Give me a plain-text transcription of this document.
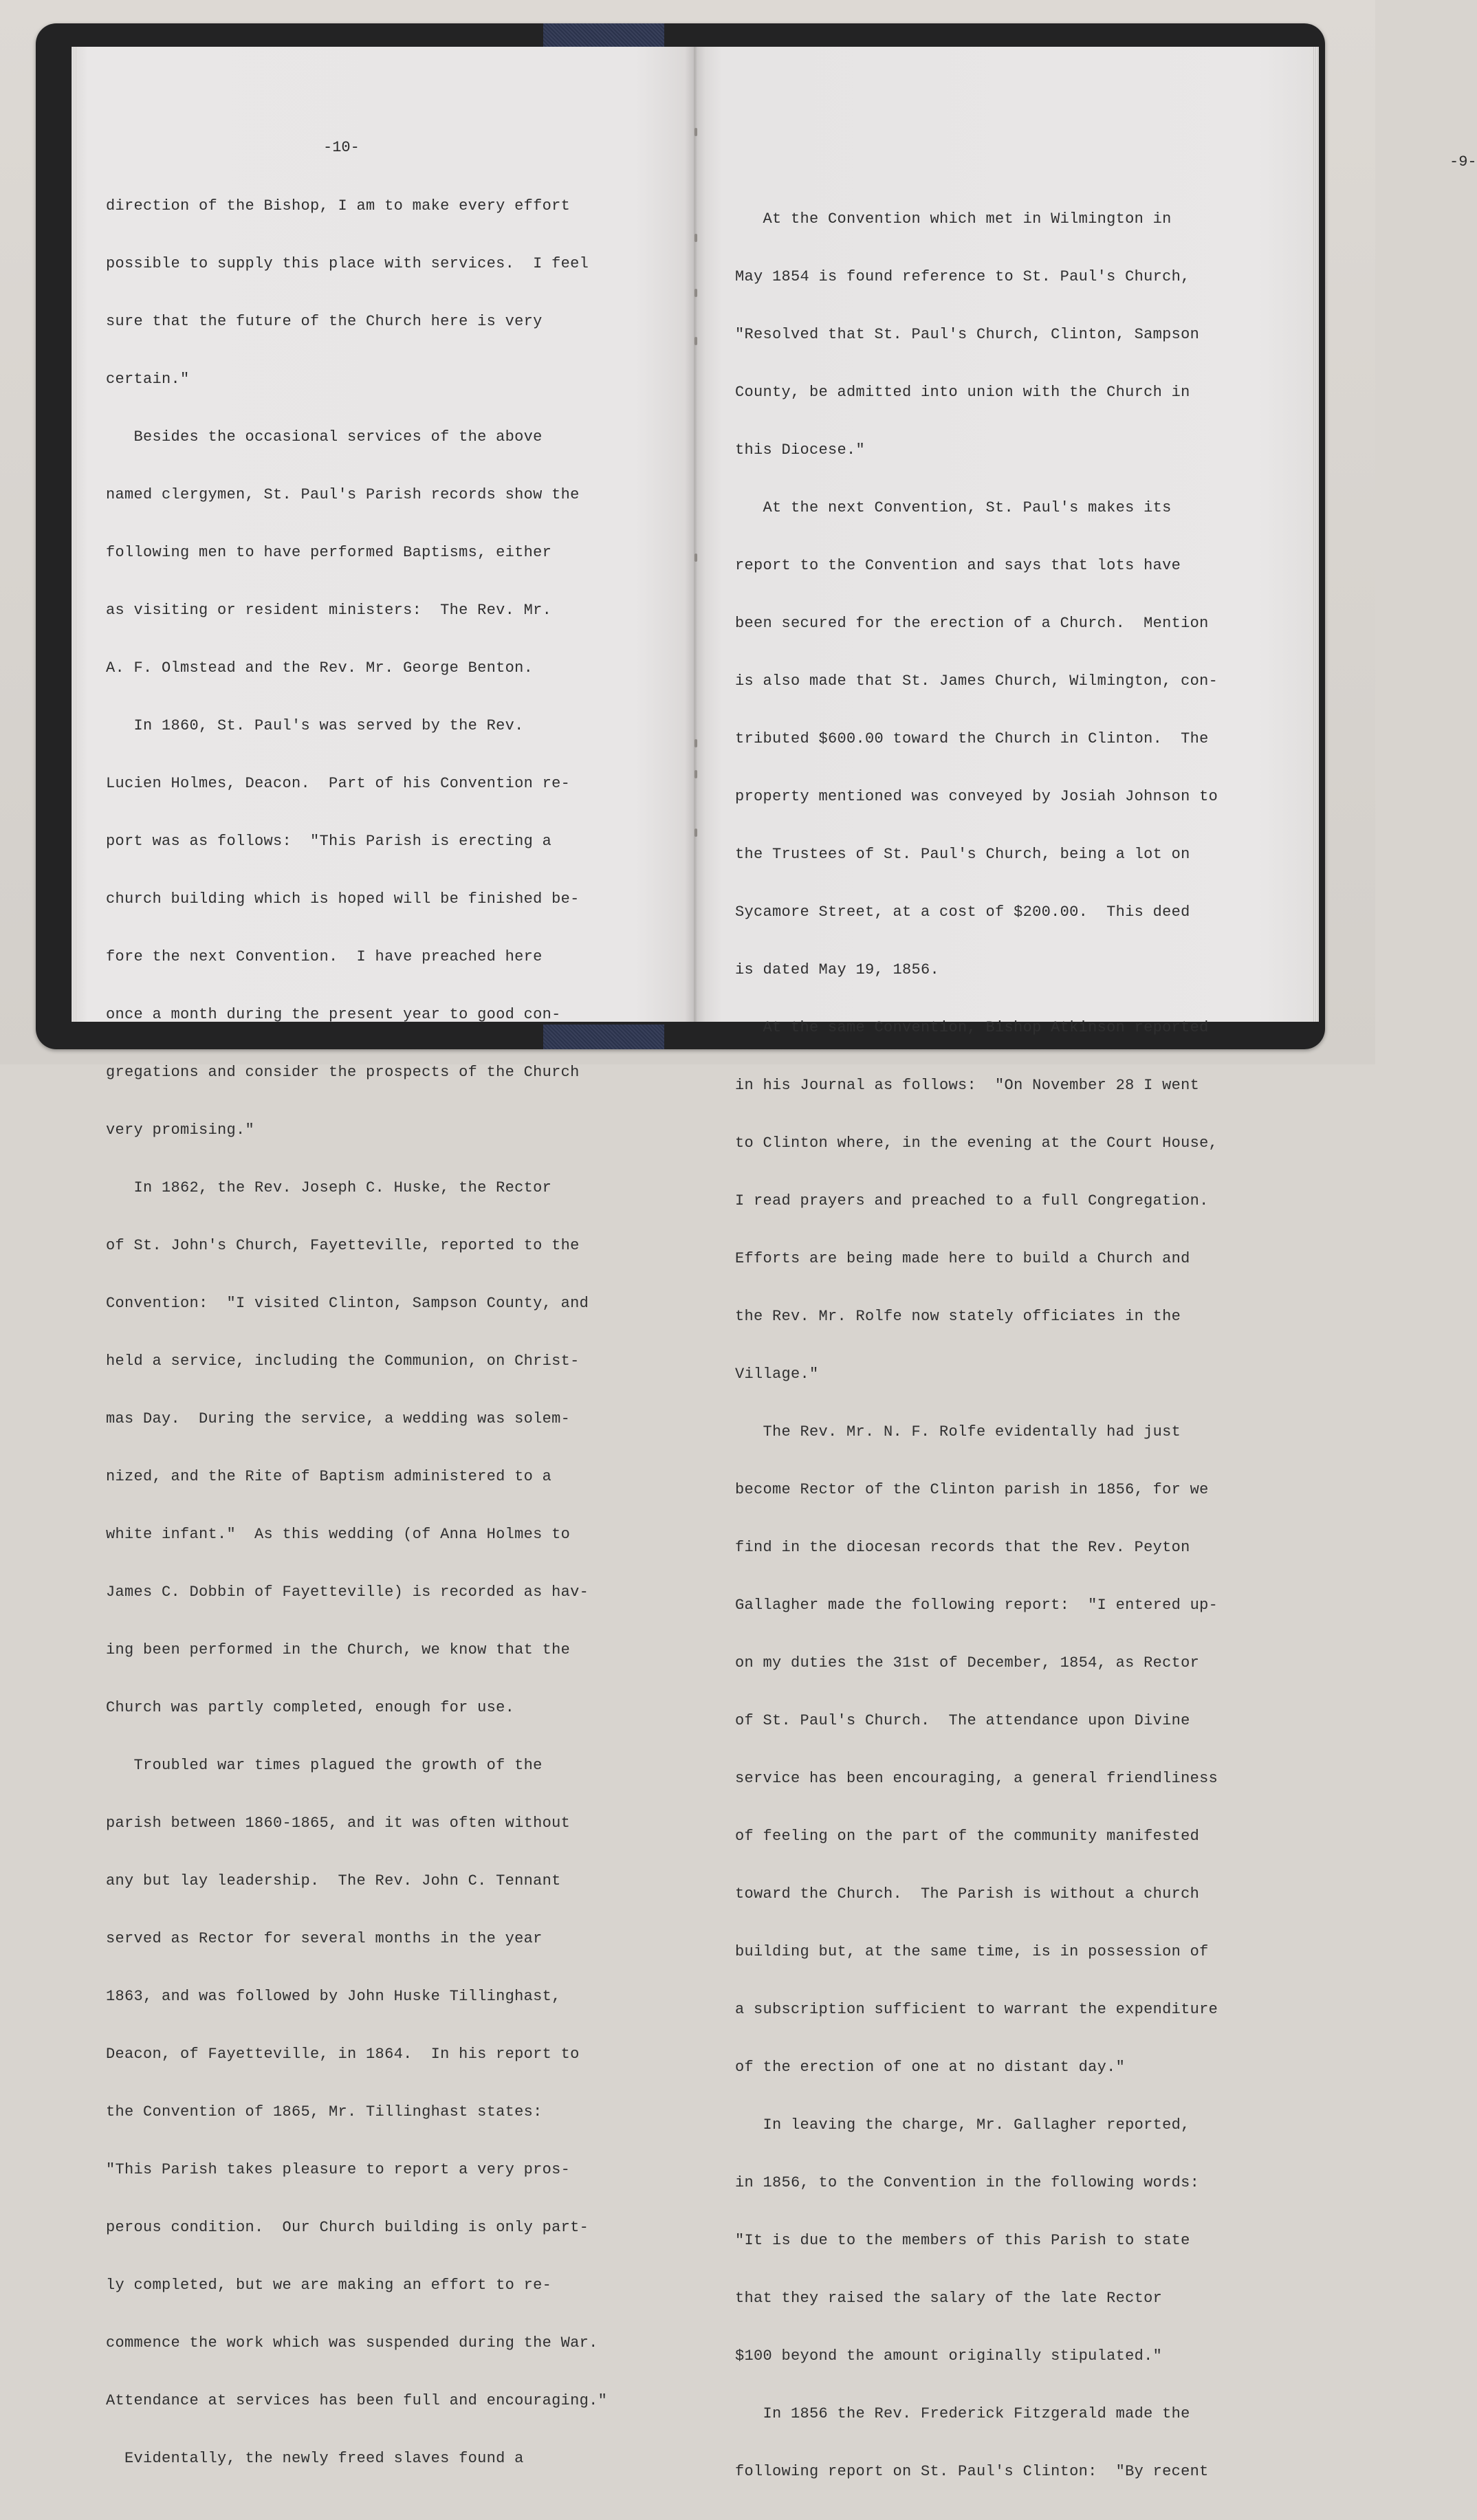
-10-

direction of the Bishop, I am to make every effort

possible to supply this place with services.  I feel

sure that the future of the Church here is very

certain."

Besides the occasional services of the above

named clergymen, St. Paul's Parish records show the

following men to have performed Baptisms, either

as visiting or resident ministers:  The Rev. Mr.

A. F. Olmstead and the Rev. Mr. George Benton.

In 1860, St. Paul's was served by the Rev.

Lucien Holmes, Deacon.  Part of his Convention re-

port was as follows:  "This Parish is erecting a

church building which is hoped will be finished be-

fore the next Convention.  I have preached here

once a month during the present year to good con-

gregations and consider the prospects of the Church

very promising."

In 1862, the Rev. Joseph C. Huske, the Rector

of St. John's Church, Fayetteville, reported to the

Convention:  "I visited Clinton, Sampson County, and

held a service, including the Communion, on Christ-

mas Day.  During the service, a wedding was solem-

nized, and the Rite of Baptism administered to a

white infant."  As this wedding (of Anna Holmes to

James C. Dobbin of Fayetteville) is recorded as hav-

ing been performed in the Church, we know that the

Church was partly completed, enough for use.

Troubled war times plagued the growth of the

parish between 1860-1865, and it was often without

any but lay leadership.  The Rev. John C. Tennant

served as Rector for several months in the year

1863, and was followed by John Huske Tillinghast,

Deacon, of Fayetteville, in 1864.  In his report to

the Convention of 1865, Mr. Tillinghast states:

"This Parish takes pleasure to report a very pros-

perous condition.  Our Church building is only part-

ly completed, but we are making an effort to re-

commence the work which was suspended during the War.

Attendance at services has been full and encouraging."

Evidentally, the newly freed slaves found a

-9-

At the Convention which met in Wilmington in

May 1854 is found reference to St. Paul's Church,

"Resolved that St. Paul's Church, Clinton, Sampson

County, be admitted into union with the Church in

this Diocese."

At the next Convention, St. Paul's makes its

report to the Convention and says that lots have

been secured for the erection of a Church.  Mention

is also made that St. James Church, Wilmington, con-

tributed $600.00 toward the Church in Clinton.  The

property mentioned was conveyed by Josiah Johnson to

the Trustees of St. Paul's Church, being a lot on

Sycamore Street, at a cost of $200.00.  This deed

is dated May 19, 1856.

At the same Convention, Bishop Atkinson reported

in his Journal as follows:  "On November 28 I went

to Clinton where, in the evening at the Court House,

I read prayers and preached to a full Congregation.

Efforts are being made here to build a Church and

the Rev. Mr. Rolfe now stately officiates in the

Village."

The Rev. Mr. N. F. Rolfe evidentally had just

become Rector of the Clinton parish in 1856, for we

find in the diocesan records that the Rev. Peyton

Gallagher made the following report:  "I entered up-

on my duties the 31st of December, 1854, as Rector

of St. Paul's Church.  The attendance upon Divine

service has been encouraging, a general friendliness

of feeling on the part of the community manifested

toward the Church.  The Parish is without a church

building but, at the same time, is in possession of

a subscription sufficient to warrant the expenditure

of the erection of one at no distant day."

In leaving the charge, Mr. Gallagher reported,

in 1856, to the Convention in the following words:

"It is due to the members of this Parish to state

that they raised the salary of the late Rector

$100 beyond the amount originally stipulated."

In 1856 the Rev. Frederick Fitzgerald made the

following report on St. Paul's Clinton:  "By recent
